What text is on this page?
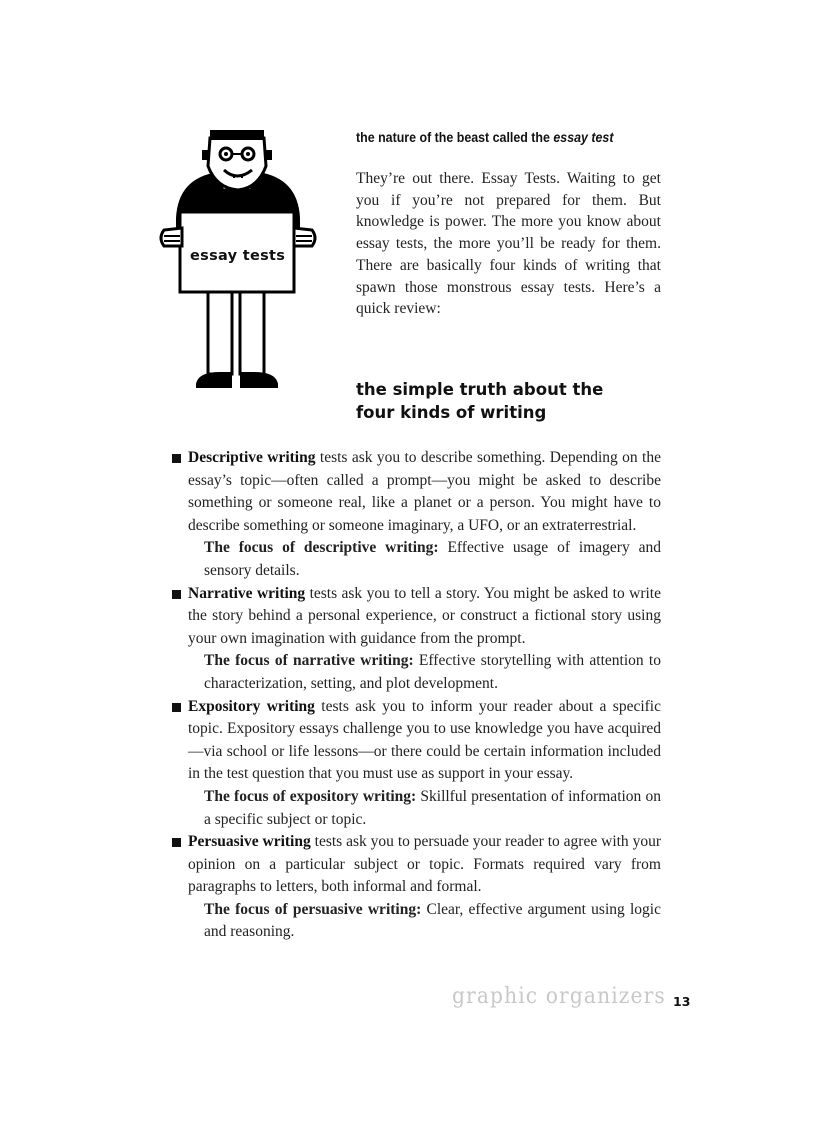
essay tests
the nature of the beast called the essay test

They’re out there. Essay Tests. Waiting to get you if you’re not prepared for them. But knowledge is power. The more you know about essay tests, the more you’ll be ready for them. There are basically four kinds of writing that spawn those monstrous essay tests. Here’s a quick review:

the simple truth about the
four kinds of writing

Descriptive writing tests ask you to describe something. Depending on the essay’s topic—often called a prompt—you might be asked to describe something or someone real, like a planet or a person. You might have to describe something or someone imaginary, a UFO, or an extraterrestrial.

The focus of descriptive writing: Effective usage of imagery and sensory details.

Narrative writing tests ask you to tell a story. You might be asked to write the story behind a personal experience, or construct a fictional story using your own imagination with guidance from the prompt.

The focus of narrative writing: Effective storytelling with attention to characterization, setting, and plot development.

Expository writing tests ask you to inform your reader about a specific topic. Expository essays challenge you to use knowledge you have acquired—via school or life lessons—or there could be certain information included in the test question that you must use as support in your essay.

The focus of expository writing: Skillful presentation of information on a specific subject or topic.

Persuasive writing tests ask you to persuade your reader to agree with your opinion on a particular subject or topic. Formats required vary from paragraphs to letters, both informal and formal.

The focus of persuasive writing: Clear, effective argument using logic and reasoning.

graphic organizers 13
